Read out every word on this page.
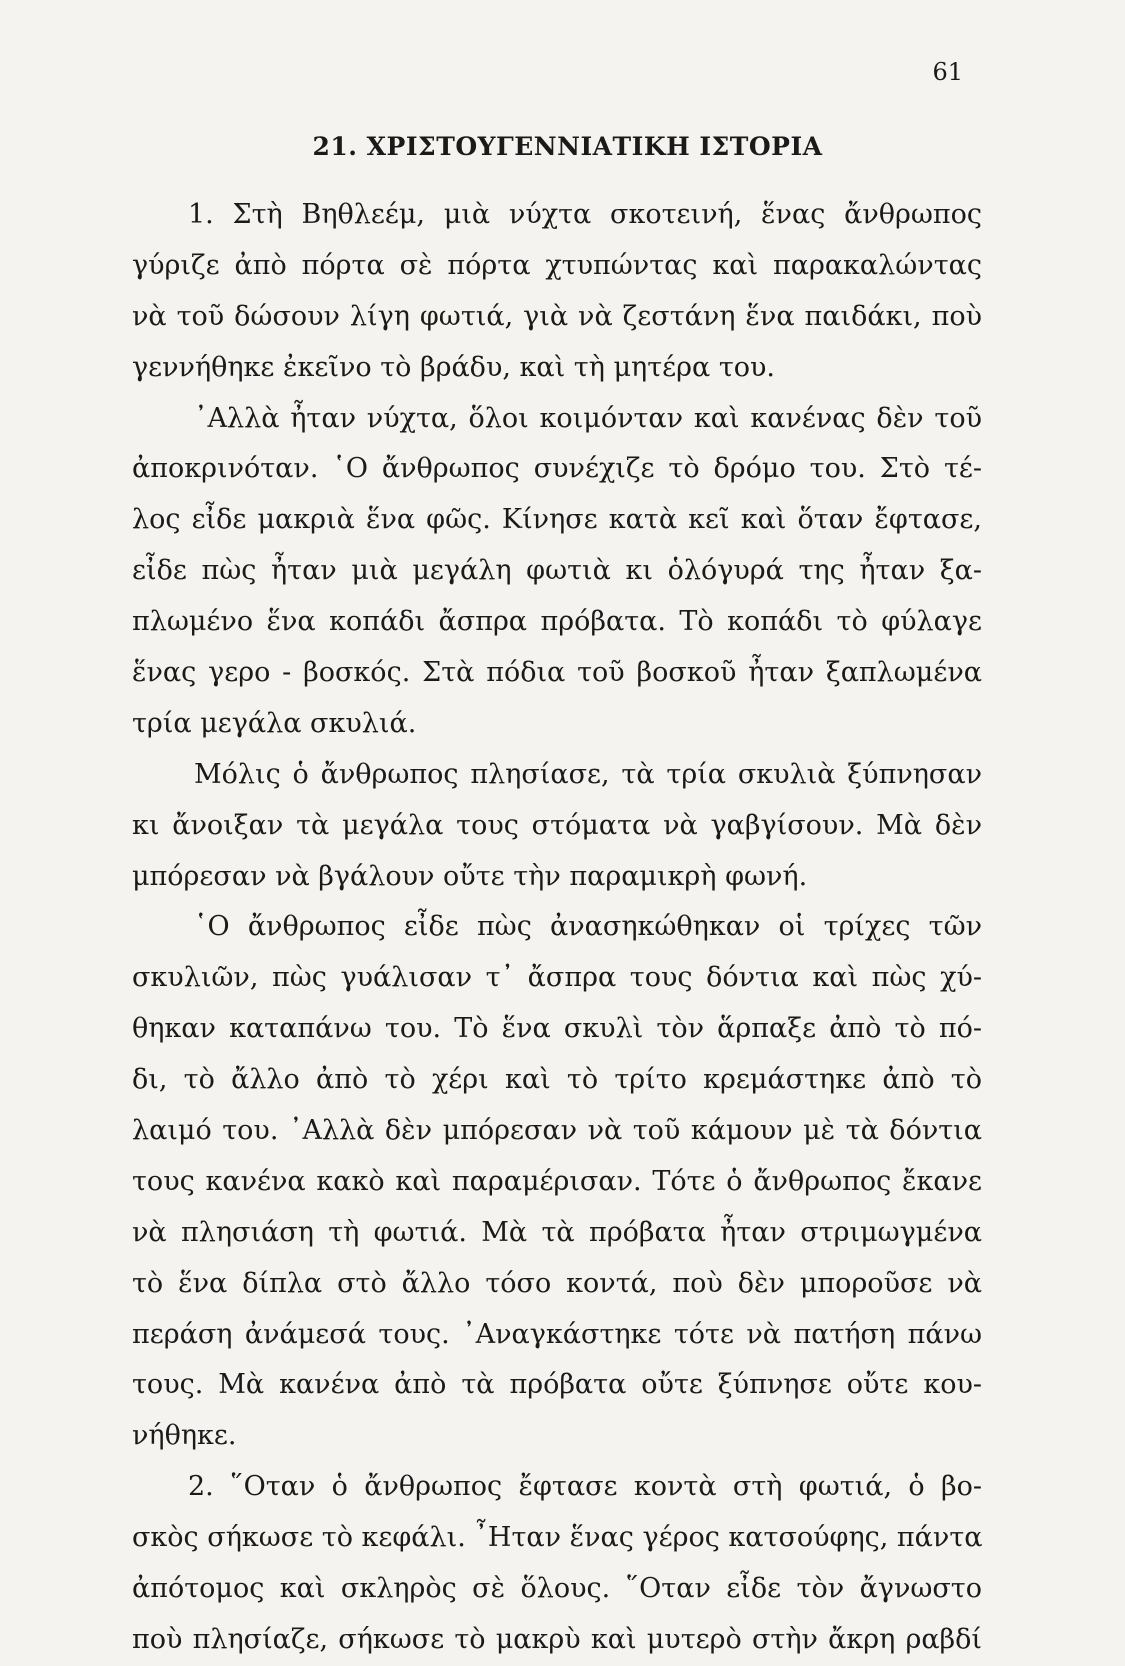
61
21. ΧΡΙΣΤΟΥΓΕΝΝΙΑΤΙΚΗ ΙΣΤΟΡΙΑ
1. Στὴ Βηθλεέμ, μιὰ νύχτα σκοτεινή, ἕνας ἄνθρωπος
γύριζε ἀπὸ πόρτα σὲ πόρτα χτυπώντας καὶ παρακαλώντας
νὰ τοῦ δώσουν λίγη φωτιά, γιὰ νὰ ζεστάνη ἕνα παιδάκι, ποὺ
γεννήθηκε ἐκεῖνο τὸ βράδυ, καὶ τὴ μητέρα του.
᾿Αλλὰ ἦταν νύχτα, ὅλοι κοιμόνταν καὶ κανένας δὲν τοῦ
ἀποκρινόταν. ῾Ο ἄνθρωπος συνέχιζε τὸ δρόμο του. Στὸ τέ-
λος εἶδε μακριὰ ἕνα φῶς. Κίνησε κατὰ κεῖ καὶ ὅταν ἔφτασε,
εἶδε πὼς ἦταν μιὰ μεγάλη φωτιὰ κι ὁλόγυρά της ἦταν ξα-
πλωμένο ἕνα κοπάδι ἄσπρα πρόβατα. Τὸ κοπάδι τὸ φύλαγε
ἕνας γερο - βοσκός. Στὰ πόδια τοῦ βοσκοῦ ἦταν ξαπλωμένα
τρία μεγάλα σκυλιά.
Μόλις ὁ ἄνθρωπος πλησίασε, τὰ τρία σκυλιὰ ξύπνησαν
κι ἄνοιξαν τὰ μεγάλα τους στόματα νὰ γαβγίσουν. Μὰ δὲν
μπόρεσαν νὰ βγάλουν οὔτε τὴν παραμικρὴ φωνή.
῾Ο ἄνθρωπος εἶδε πὼς ἀνασηκώθηκαν οἱ τρίχες τῶν
σκυλιῶν, πὼς γυάλισαν τ᾿ ἄσπρα τους δόντια καὶ πὼς χύ-
θηκαν καταπάνω του. Τὸ ἕνα σκυλὶ τὸν ἅρπαξε ἀπὸ τὸ πό-
δι, τὸ ἄλλο ἀπὸ τὸ χέρι καὶ τὸ τρίτο κρεμάστηκε ἀπὸ τὸ
λαιμό του. ᾿Αλλὰ δὲν μπόρεσαν νὰ τοῦ κάμουν μὲ τὰ δόντια
τους κανένα κακὸ καὶ παραμέρισαν. Τότε ὁ ἄνθρωπος ἔκανε
νὰ πλησιάση τὴ φωτιά. Μὰ τὰ πρόβατα ἦταν στριμωγμένα
τὸ ἕνα δίπλα στὸ ἄλλο τόσο κοντά, ποὺ δὲν μποροῦσε νὰ
περάση ἀνάμεσά τους. ᾿Αναγκάστηκε τότε νὰ πατήση πάνω
τους. Μὰ κανένα ἀπὸ τὰ πρόβατα οὔτε ξύπνησε οὔτε κου-
νήθηκε.
2. ῞Οταν ὁ ἄνθρωπος ἔφτασε κοντὰ στὴ φωτιά, ὁ βο-
σκὸς σήκωσε τὸ κεφάλι. ῏Ηταν ἕνας γέρος κατσούφης, πάντα
ἀπότομος καὶ σκληρὸς σὲ ὅλους. ῞Οταν εἶδε τὸν ἄγνωστο
ποὺ πλησίαζε, σήκωσε τὸ μακρὺ καὶ μυτερὸ στὴν ἄκρη ραβδί
